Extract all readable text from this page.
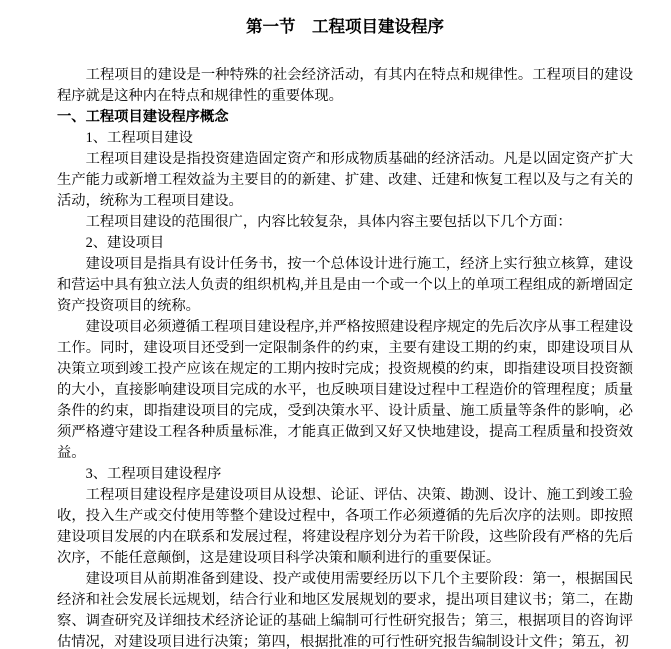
第一节　工程项目建设程序

工程项目的建设是一种特殊的社会经济活动，有其内在特点和规律性。工程项目的建设程序就是这种内在特点和规律性的重要体现。

一、工程项目建设程序概念

1、工程项目建设

工程项目建设是指投资建造固定资产和形成物质基础的经济活动。凡是以固定资产扩大生产能力或新增工程效益为主要目的的新建、扩建、改建、迁建和恢复工程以及与之有关的活动，统称为工程项目建设。

工程项目建设的范围很广，内容比较复杂，具体内容主要包括以下几个方面：

2、建设项目

建设项目是指具有设计任务书，按一个总体设计进行施工，经济上实行独立核算，建设和营运中具有独立法人负责的组织机构,并且是由一个或一个以上的单项工程组成的新增固定资产投资项目的统称。

建设项目必须遵循工程项目建设程序,并严格按照建设程序规定的先后次序从事工程建设工作。同时，建设项目还受到一定限制条件的约束，主要有建设工期的约束，即建设项目从决策立项到竣工投产应该在规定的工期内按时完成；投资规模的约束，即指建设项目投资额的大小，直接影响建设项目完成的水平，也反映项目建设过程中工程造价的管理程度；质量条件的约束，即指建设项目的完成，受到决策水平、设计质量、施工质量等条件的影响，必须严格遵守建设工程各种质量标准，才能真正做到又好又快地建设，提高工程质量和投资效益。

3、工程项目建设程序

工程项目建设程序是建设项目从设想、论证、评估、决策、勘测、设计、施工到竣工验收，投入生产或交付使用等整个建设过程中，各项工作必须遵循的先后次序的法则。即按照建设项目发展的内在联系和发展过程，将建设程序划分为若干阶段，这些阶段有严格的先后次序，不能任意颠倒，这是建设项目科学决策和顺利进行的重要保证。

建设项目从前期准备到建设、投产或使用需要经历以下几个主要阶段：第一，根据国民经济和社会发展长远规划，结合行业和地区发展规划的要求，提出项目建议书；第二，在勘察、调查研究及详细技术经济论证的基础上编制可行性研究报告；第三，根据项目的咨询评估情况，对建设项目进行决策；第四，根据批准的可行性研究报告编制设计文件；第五，初
